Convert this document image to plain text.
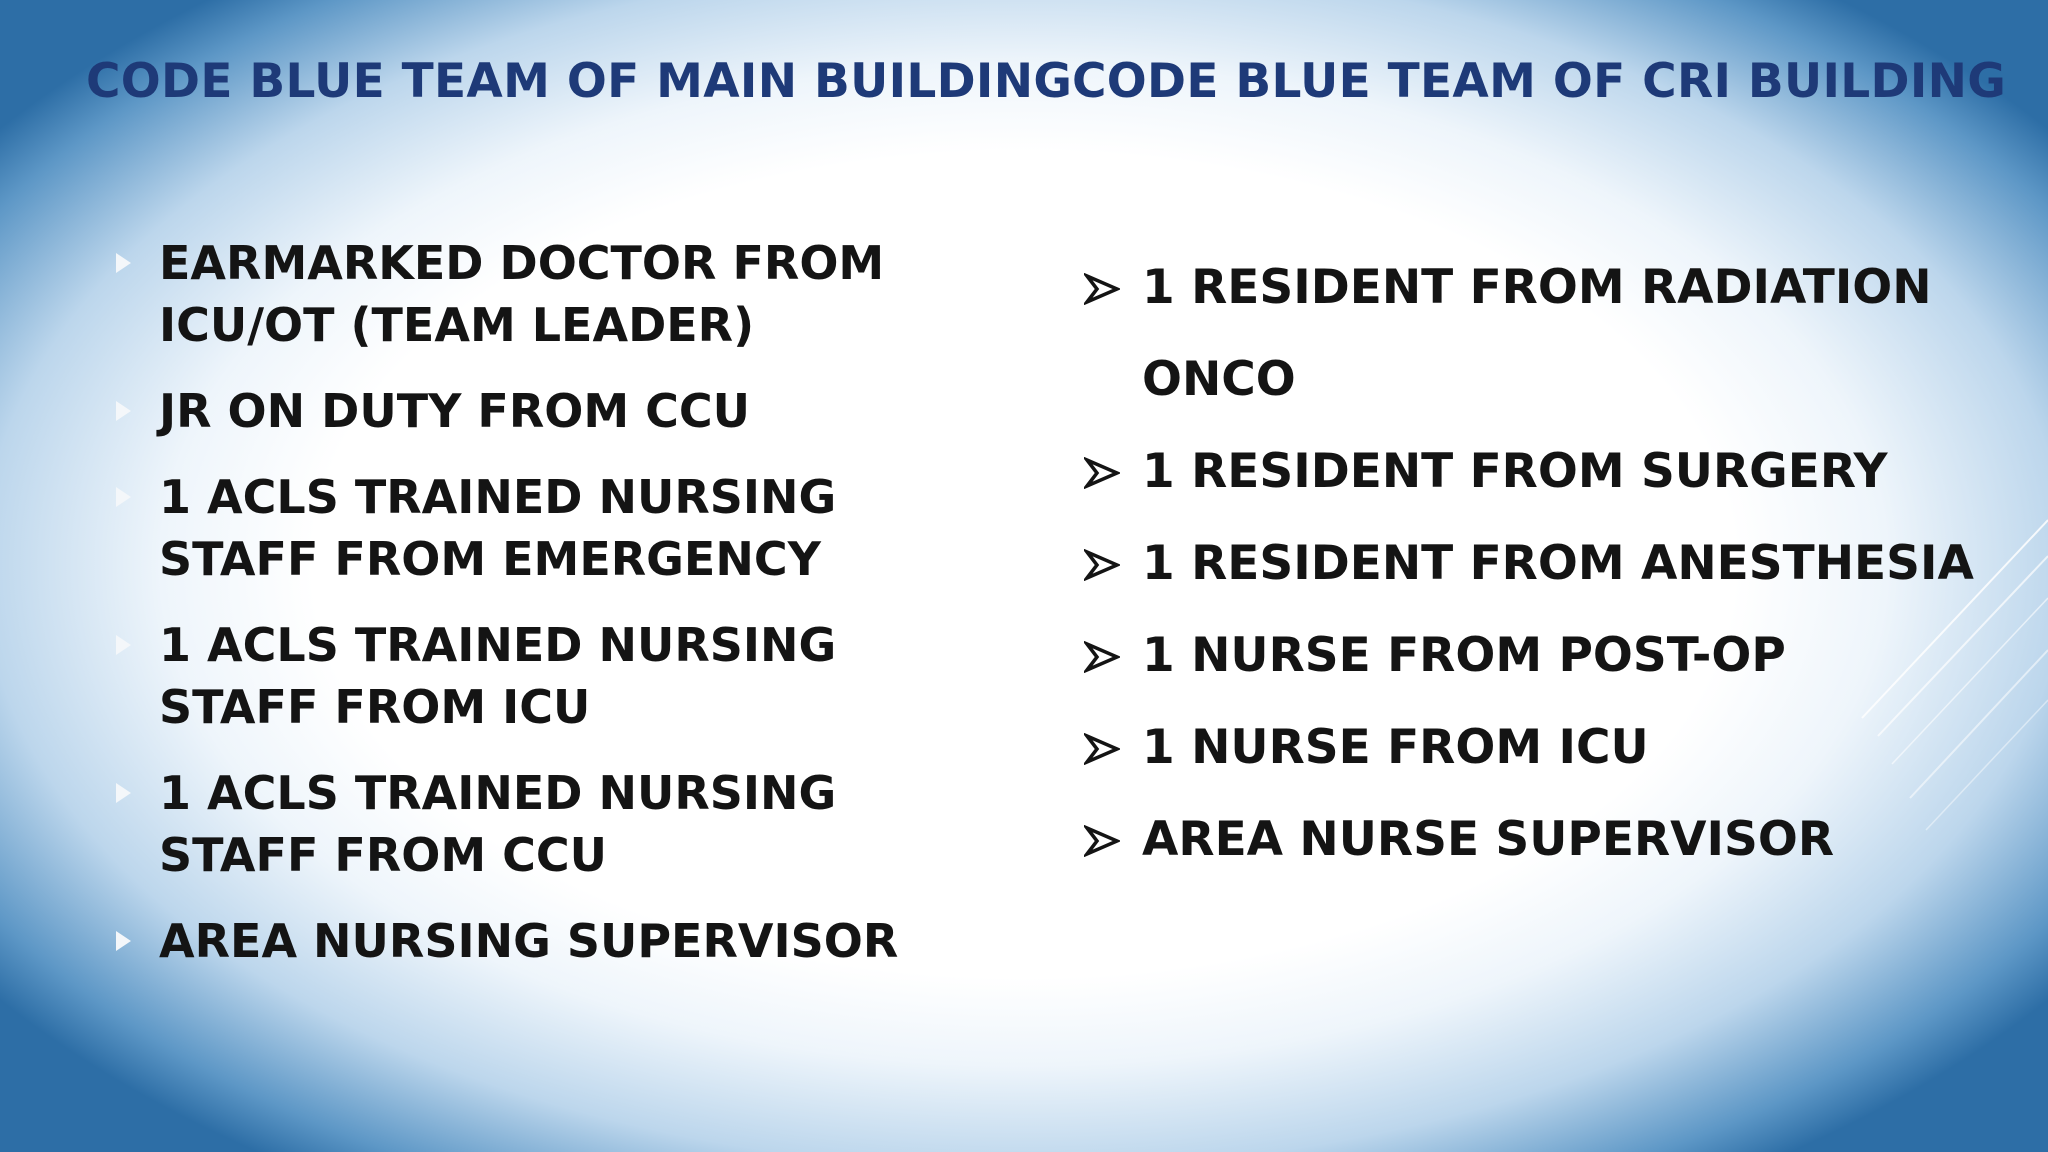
CODE BLUE TEAM OF MAIN BUILDING CODE BLUE TEAM OF CRI BUILDING
EARMARKED DOCTOR FROM ICU/OT (TEAM LEADER)
JR ON DUTY FROM CCU
1 ACLS TRAINED NURSING STAFF FROM EMERGENCY
1 ACLS TRAINED NURSING STAFF FROM ICU
1 ACLS TRAINED NURSING STAFF FROM CCU
AREA NURSING SUPERVISOR
1 RESIDENT FROM RADIATION ONCO
1 RESIDENT FROM SURGERY
1 RESIDENT FROM ANESTHESIA
1 NURSE FROM POST-OP
1 NURSE FROM ICU
AREA NURSE SUPERVISOR
